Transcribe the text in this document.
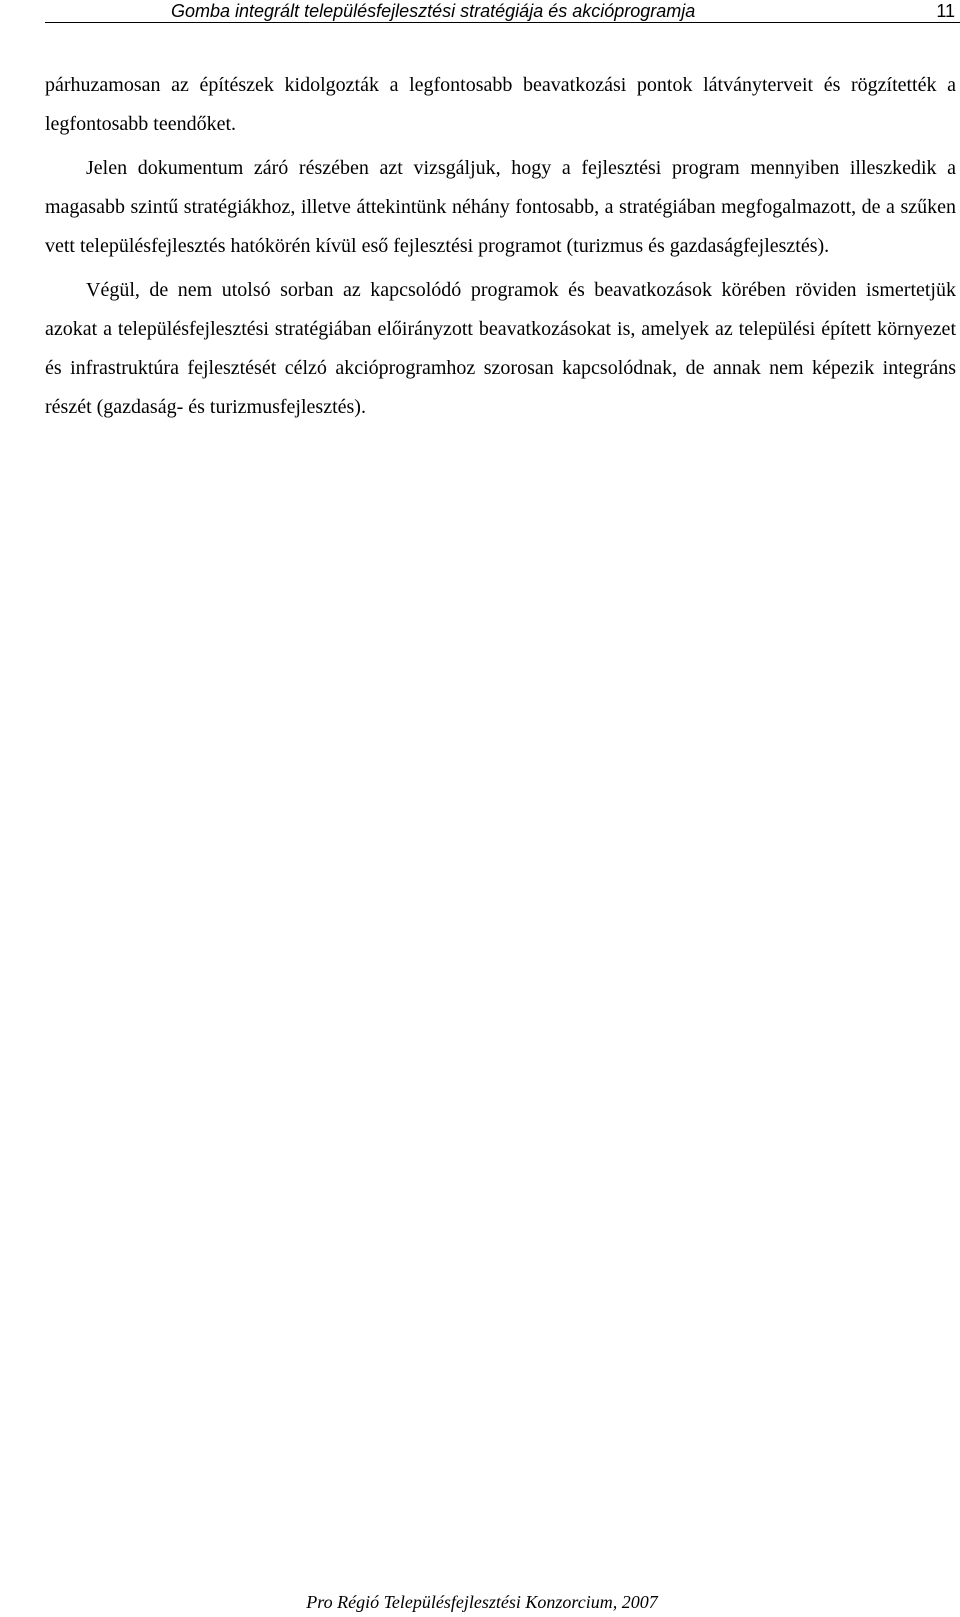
Gomba integrált településfejlesztési stratégiája és akcióprogramja	11

párhuzamosan az építészek kidolgozták a legfontosabb beavatkozási pontok látványterveit és rögzítették a legfontosabb teendőket.

Jelen dokumentum záró részében azt vizsgáljuk, hogy a fejlesztési program mennyiben illeszkedik a magasabb szintű stratégiákhoz, illetve áttekintünk néhány fontosabb, a stratégiában megfogalmazott, de a szűken vett településfejlesztés hatókörén kívül eső fejlesztési programot (turizmus és gazdaságfejlesztés).

Végül, de nem utolsó sorban az kapcsolódó programok és beavatkozások körében röviden ismertetjük azokat a településfejlesztési stratégiában előirányzott beavatkozásokat is, amelyek az települési épített környezet és infrastruktúra fejlesztését célzó akcióprogramhoz szorosan kapcsolódnak, de annak nem képezik integráns részét (gazdaság- és turizmusfejlesztés).

Pro Régió Településfejlesztési Konzorcium, 2007
